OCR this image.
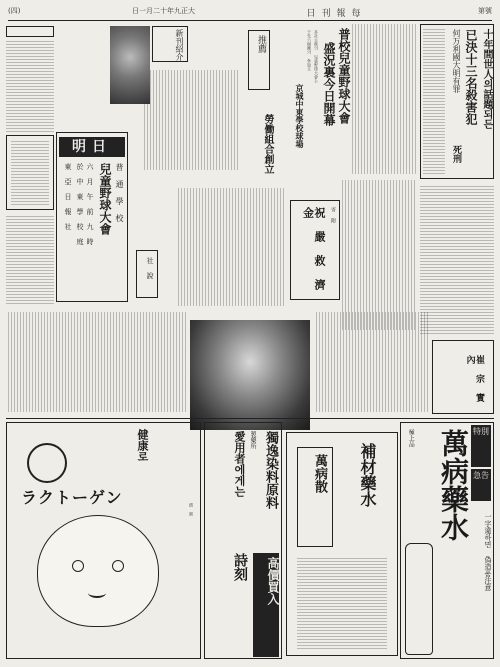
(四)	日一月二十年九正大	日刊報每	第號
十年間世人의話題되든
已決十三名殺害犯
死刑
何万利國大明有罪
普校兒童野球大會
盛況裏今日開幕
本社主催의 兒童野球大會는
于先六個團의 參加로
京城中東學校球場
推薦
勞働組合創立
新刊紹介
明日
普 通 學 校
兒童野球大會
六 月 午 前 九 時
於 中 東 學 校 庭
東 亞 日 報 社	寄 附
祝 嚴 救 濟 金
社 說
崔 宗 實 內
健康로
ラクトーゲン
價 圓
獨逸染料原料
製藥所
愛用者에게는
高價買入
詩刻
萬病散 補材藥水
特別
急告
萬病藥水
一字違하면 偽造품注意
極上品
